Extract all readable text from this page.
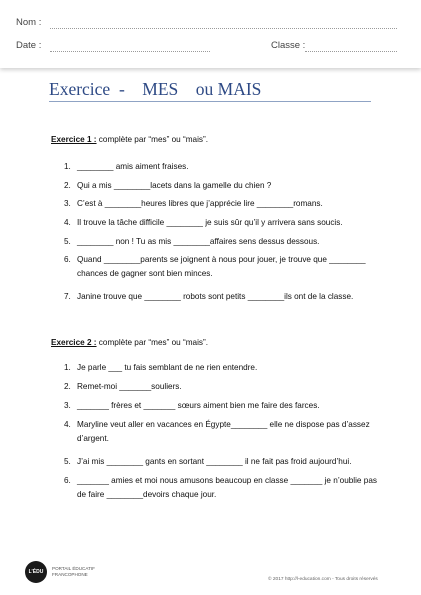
Nom :
Date :	Classe :
Exercice  -    MES    ou MAIS
Exercice 1 : complète par “mes” ou “mais”.
1. ________ amis aiment fraises.
2. Qui a mis ________lacets dans la gamelle du chien ?
3. C’est à ________heures libres que j’apprécie lire ________romans.
4. Il trouve la tâche difficile ________ je suis sûr qu’il y arrivera sans soucis.
5. ________ non ! Tu as mis ________affaires sens dessus dessous.
6. Quand ________parents se joignent à nous pour jouer, je trouve que ________
chances de gagner sont bien minces.
7. Janine trouve que ________ robots sont petits ________ils ont de la classe.
Exercice 2 : complète par “mes” ou “mais”.
1. Je parle ___ tu fais semblant de ne rien entendre.
2. Remet-moi _______souliers.
3. _______ frères et _______ sœurs aiment bien me faire des farces.
4. Maryline veut aller en vacances en Égypte________ elle ne dispose pas d’assez
d’argent.
5. J’ai mis ________ gants en sortant ________ il ne fait pas froid aujourd’hui.
6. _______ amies et moi nous amusons beaucoup en classe _______ je n’oublie pas
de faire ________devoirs chaque jour.
L’ÉDU
PORTAIL ÉDUCATIF
FRANCOPHONE
© 2017 http://l-education.com - Tous droits réservés
